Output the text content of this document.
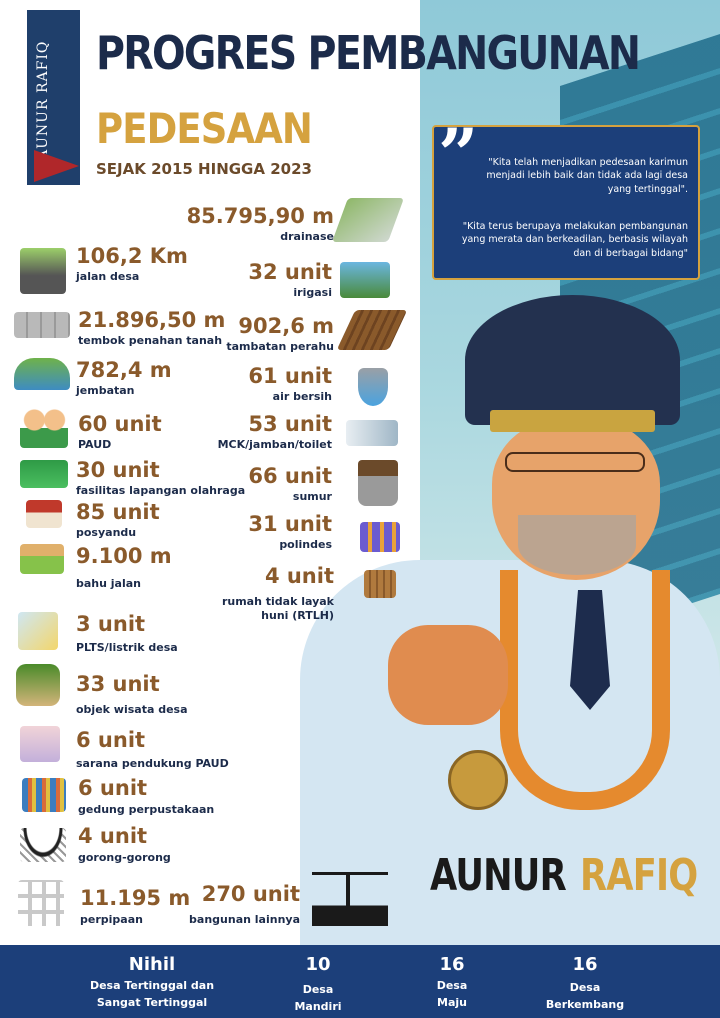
AUNUR RAFIQ PROGRES PEMBANGUNAN
PEDESAAN
SEJAK 2015 HINGGA 2023 ”	"Kita telah menjadikan pedesaan karimun menjadi lebih baik dan tidak ada lagi desa yang tertinggal".
"Kita terus berupaya melakukan pembangunan yang merata dan berkeadilan, berbasis wilayah dan di berbagai bidang"
85.795,90 m
drainase
106,2 Km
jalan desa	32 unit
irigasi
21.896,50 m
tembok penahan tanah
902,6 m
tambatan perahu
782,4 m
jembatan
61 unit
air bersih
60 unit
PAUD
53 unit
MCK/jamban/toilet
30 unit
fasilitas lapangan olahraga
66 unit
sumur
85 unit
posyandu	31 unit
polindes
9.100 m
bahu jalan	4 unit
rumah tidak layak
huni (RTLH)
3 unit
PLTS/listrik desa
33 unit
objek wisata desa
6 unit
sarana pendukung PAUD
6 unit
gedung perpustakaan
4 unit
gorong-gorong
11.195 m
perpipaan
270 unit
bangunan lainnya
AUNUR RAFIQ
Nihil
Desa Tertinggal dan
Sangat Tertinggal
10
Desa
Mandiri
16
Desa
Maju
16
Desa
Berkembang
